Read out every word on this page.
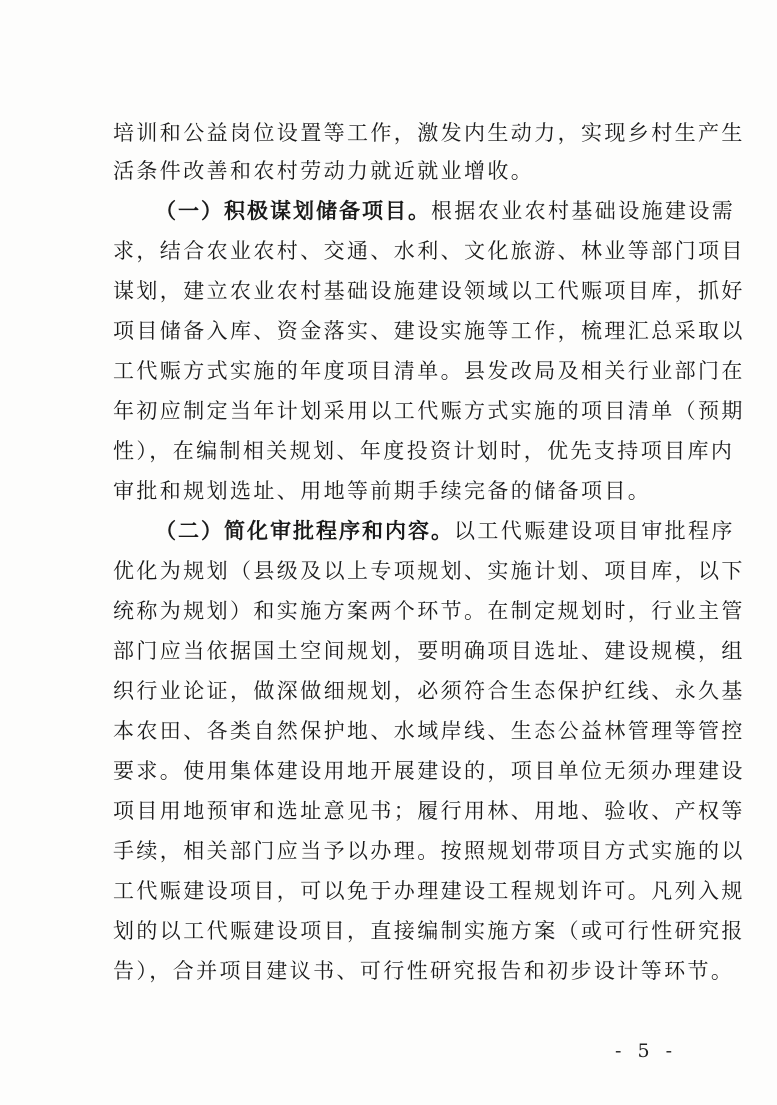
培训和公益岗位设置等工作，激发内生动力，实现乡村生产生
活条件改善和农村劳动力就近就业增收。
（一）积极谋划储备项目。根据农业农村基础设施建设需
求，结合农业农村、交通、水利、文化旅游、林业等部门项目
谋划，建立农业农村基础设施建设领域以工代赈项目库，抓好
项目储备入库、资金落实、建设实施等工作，梳理汇总采取以
工代赈方式实施的年度项目清单。县发改局及相关行业部门在
年初应制定当年计划采用以工代赈方式实施的项目清单（预期
性），在编制相关规划、年度投资计划时，优先支持项目库内
审批和规划选址、用地等前期手续完备的储备项目。
（二）简化审批程序和内容。以工代赈建设项目审批程序
优化为规划（县级及以上专项规划、实施计划、项目库，以下
统称为规划）和实施方案两个环节。在制定规划时，行业主管
部门应当依据国土空间规划，要明确项目选址、建设规模，组
织行业论证，做深做细规划，必须符合生态保护红线、永久基
本农田、各类自然保护地、水域岸线、生态公益林管理等管控
要求。使用集体建设用地开展建设的，项目单位无须办理建设
项目用地预审和选址意见书；履行用林、用地、验收、产权等
手续，相关部门应当予以办理。按照规划带项目方式实施的以
工代赈建设项目，可以免于办理建设工程规划许可。凡列入规
划的以工代赈建设项目，直接编制实施方案（或可行性研究报
告），合并项目建议书、可行性研究报告和初步设计等环节。
- 5 -
